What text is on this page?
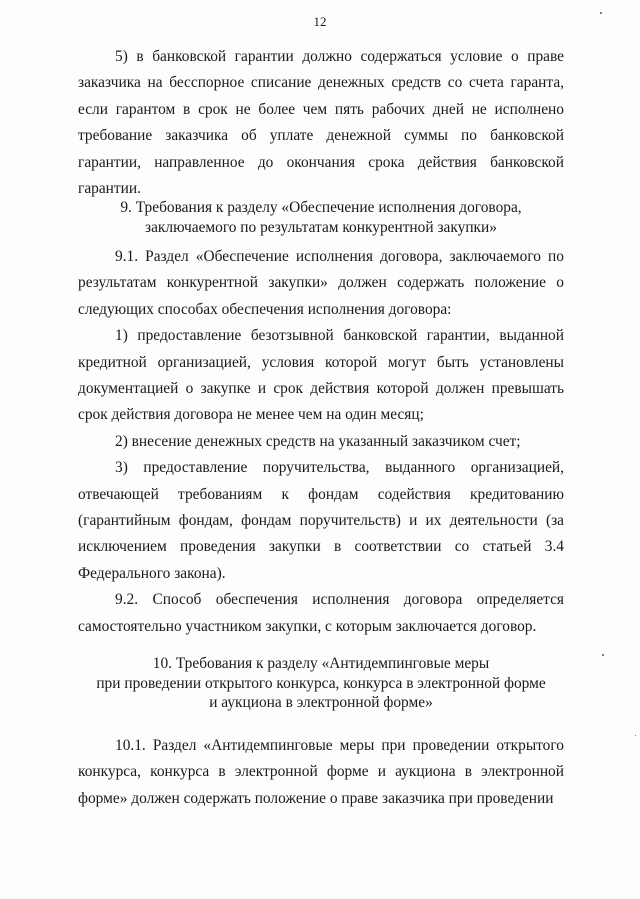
12

5) в банковской гарантии должно содержаться условие о праве заказчика на бесспорное списание денежных средств со счета гаранта, если гарантом в срок не более чем пять рабочих дней не исполнено требование заказчика об уплате денежной суммы по банковской гарантии, направленное до окончания срока действия банковской гарантии.

9. Требования к разделу «Обеспечение исполнения договора,
заключаемого по результатам конкурентной закупки»

9.1. Раздел «Обеспечение исполнения договора, заключаемого по результатам конкурентной закупки» должен содержать положение о следующих способах обеспечения исполнения договора:

1) предоставление безотзывной банковской гарантии, выданной кредитной организацией, условия которой могут быть установлены документацией о закупке и срок действия которой должен превышать срок действия договора не менее чем на один месяц;

2) внесение денежных средств на указанный заказчиком счет;

3) предоставление поручительства, выданного организацией, отвечающей требованиям к фондам содействия кредитованию (гарантийным фондам, фондам поручительств) и их деятельности (за исключением проведения закупки в соответствии со статьей 3.4 Федерального закона).

9.2. Способ обеспечения исполнения договора определяется самостоятельно участником закупки, с которым заключается договор.

10. Требования к разделу «Антидемпинговые меры
при проведении открытого конкурса, конкурса в электронной форме
и аукциона в электронной форме»

10.1. Раздел «Антидемпинговые меры при проведении открытого конкурса, конкурса в электронной форме и аукциона в электронной форме» должен содержать положение о праве заказчика при проведении
